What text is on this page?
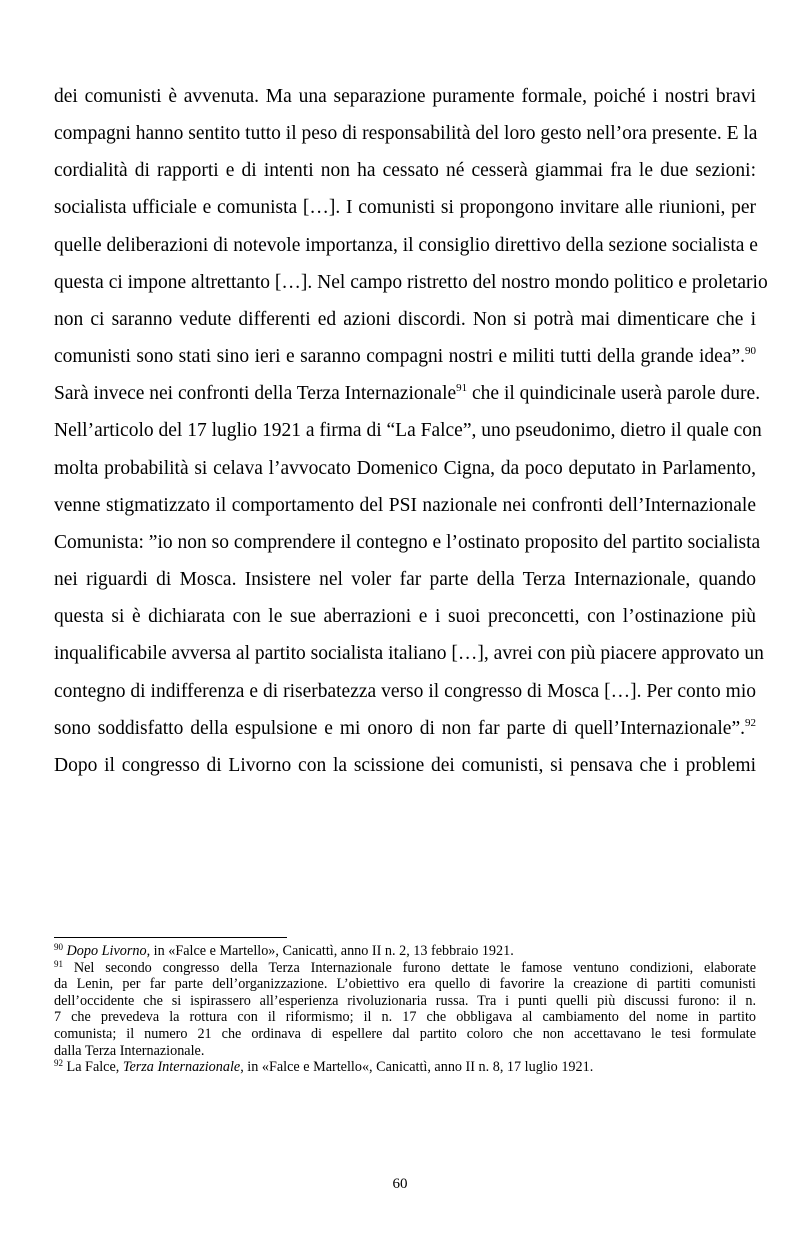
dei comunisti è avvenuta. Ma una separazione puramente formale, poiché i nostri bravi
compagni hanno sentito tutto il peso di responsabilità del loro gesto nell’ora presente. E la
cordialità di rapporti e di intenti non ha cessato né cesserà giammai fra le due sezioni:
socialista ufficiale e comunista […]. I comunisti si propongono invitare alle riunioni, per
quelle deliberazioni di notevole importanza, il consiglio direttivo della sezione socialista e
questa ci impone altrettanto […]. Nel campo ristretto del nostro mondo politico e proletario
non ci saranno vedute differenti ed azioni discordi. Non si potrà mai dimenticare che i
comunisti sono stati sino ieri e saranno compagni nostri e militi tutti della grande idea”.$^{90}$
Sarà invece nei confronti della Terza Internazionale$^{91}$ che il quindicinale userà parole dure.
Nell’articolo del 17 luglio 1921 a firma di “La Falce”, uno pseudonimo, dietro il quale con
molta probabilità si celava l’avvocato Domenico Cigna, da poco deputato in Parlamento,
venne stigmatizzato il comportamento del PSI nazionale nei confronti dell’Internazionale
Comunista: ”io non so comprendere il contegno e l’ostinato proposito del partito socialista
nei riguardi di Mosca. Insistere nel voler far parte della Terza Internazionale, quando
questa si è dichiarata con le sue aberrazioni e i suoi preconcetti, con l’ostinazione più
inqualificabile avversa al partito socialista italiano […], avrei con più piacere approvato un
contegno di indifferenza e di riserbatezza verso il congresso di Mosca […]. Per conto mio
sono soddisfatto della espulsione e mi onoro di non far parte di quell’Internazionale”.$^{92}$
Dopo il congresso di Livorno con la scissione dei comunisti, si pensava che i problemi
$^{90}$ Dopo Livorno, in «Falce e Martello», Canicattì, anno II n. 2, 13 febbraio 1921.
$^{91}$ Nel secondo congresso della Terza Internazionale furono dettate le famose ventuno condizioni, elaborate
da Lenin, per far parte dell’organizzazione. L’obiettivo era quello di favorire la creazione di partiti comunisti
dell’occidente che si ispirassero all’esperienza rivoluzionaria russa. Tra i punti quelli più discussi furono: il n.
7 che prevedeva la rottura con il riformismo; il n. 17 che obbligava al cambiamento del nome in partito
comunista; il numero 21 che ordinava di espellere dal partito coloro che non accettavano le tesi formulate
dalla Terza Internazionale.
$^{92}$ La Falce, Terza Internazionale, in «Falce e Martello«, Canicattì, anno II n. 8, 17 luglio 1921.
60
